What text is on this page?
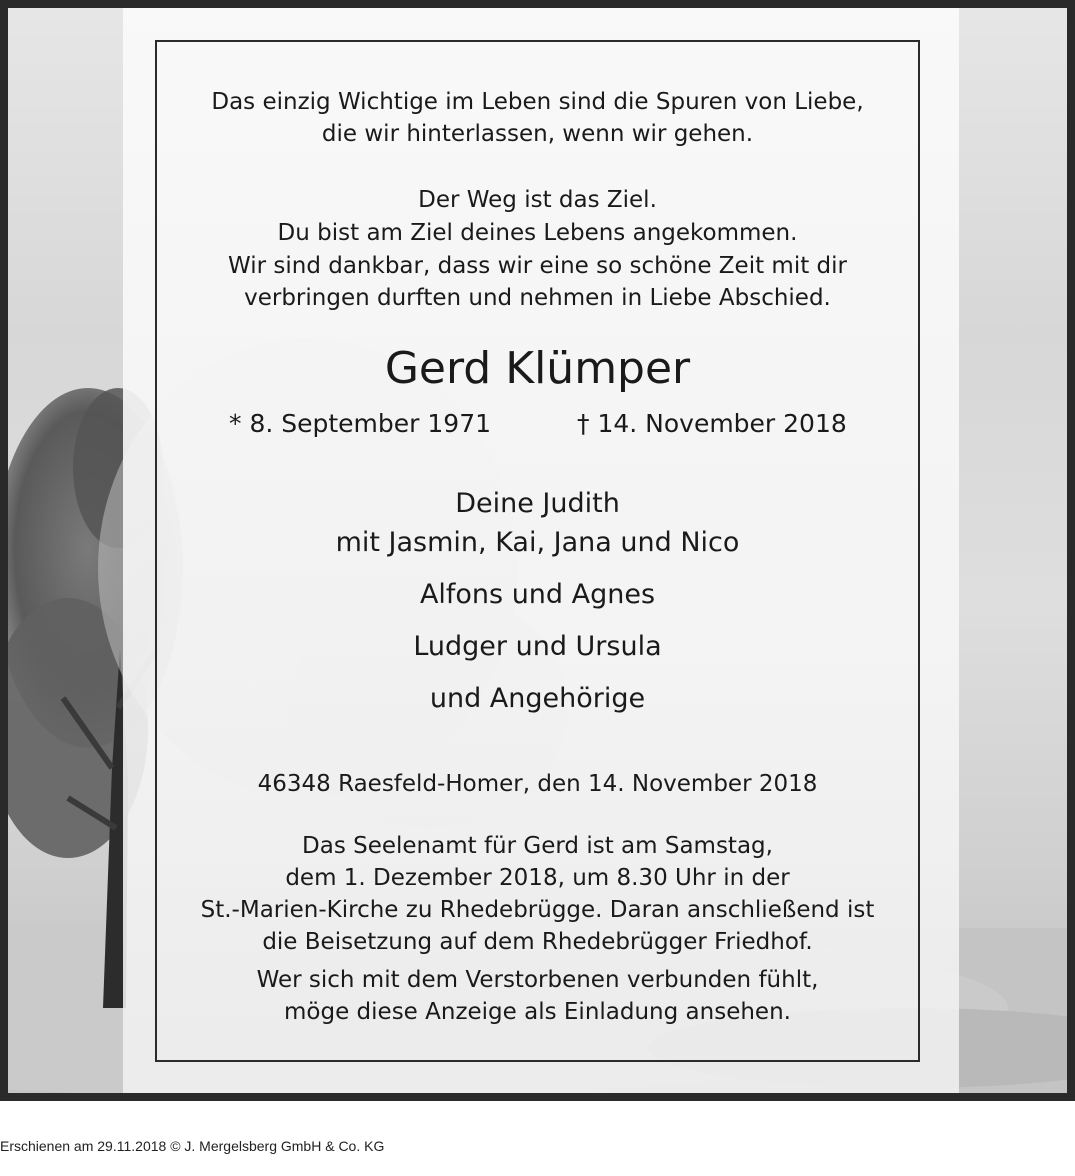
Das einzig Wichtige im Leben sind die Spuren von Liebe,
die wir hinterlassen, wenn wir gehen.
Der Weg ist das Ziel.
Du bist am Ziel deines Lebens angekommen.
Wir sind dankbar, dass wir eine so schöne Zeit mit dir
verbringen durften und nehmen in Liebe Abschied.
Gerd Klümper
* 8. September 1971	† 14. November 2018
Deine Judith
mit Jasmin, Kai, Jana und Nico
Alfons und Agnes
Ludger und Ursula
und Angehörige
46348 Raesfeld-Homer, den 14. November 2018
Das Seelenamt für Gerd ist am Samstag,
dem 1. Dezember 2018, um 8.30 Uhr in der
St.-Marien-Kirche zu Rhedebrügge. Daran anschließend ist
die Beisetzung auf dem Rhedebrügger Friedhof.
Wer sich mit dem Verstorbenen verbunden fühlt,
möge diese Anzeige als Einladung ansehen.
Erschienen am 29.11.2018 © J. Mergelsberg GmbH & Co. KG
